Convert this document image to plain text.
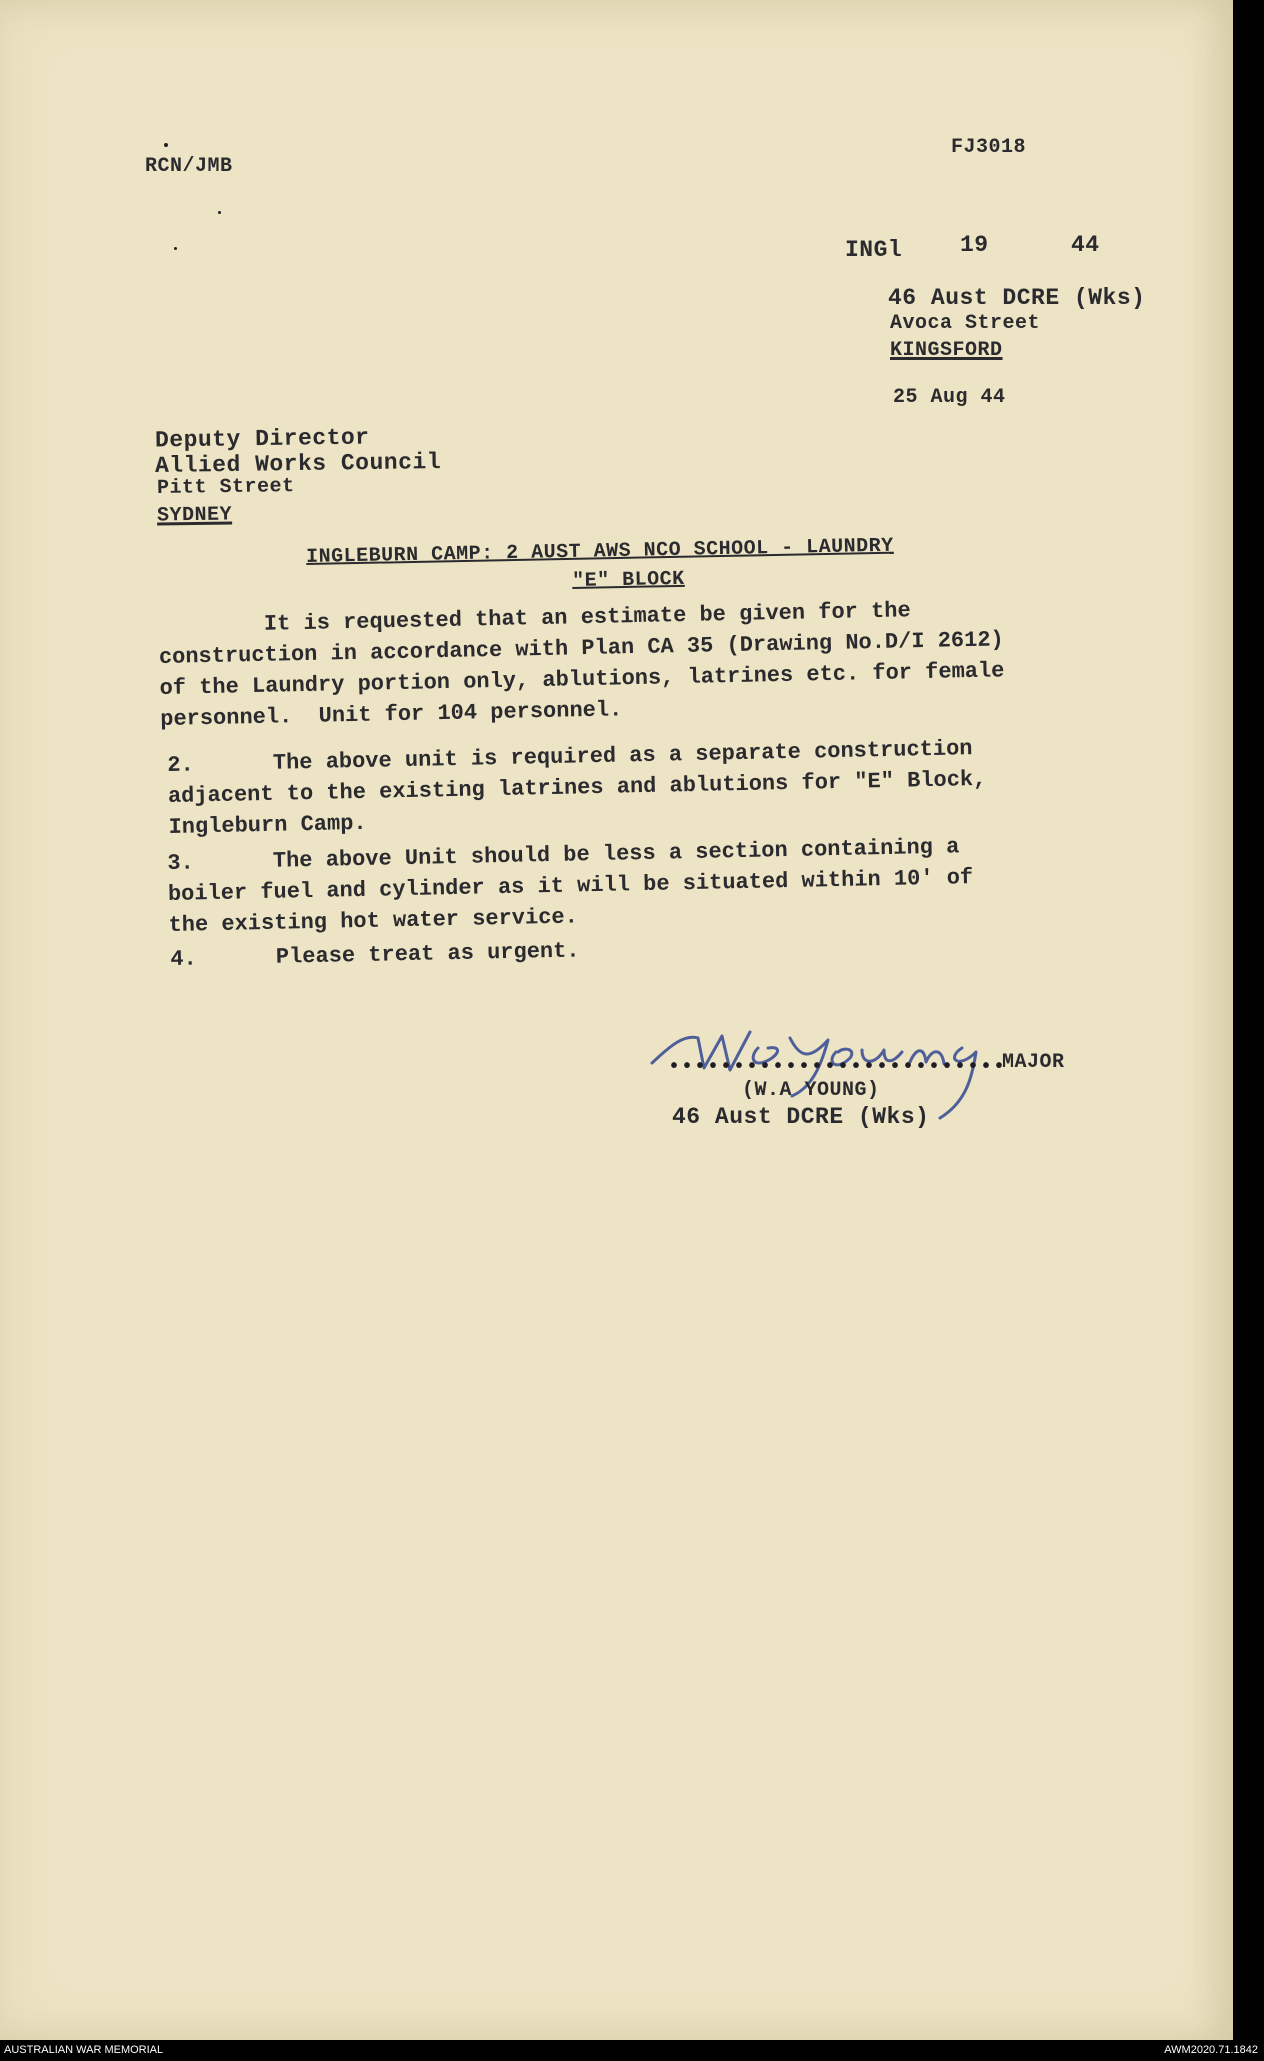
RCN/JMB
FJ3018
INGl	19	44
46 Aust DCRE (Wks)
Avoca Street
KINGSFORD
25 Aug 44
Deputy Director
Allied Works Council
Pitt Street
SYDNEY
INGLEBURN CAMP: 2 AUST AWS NCO SCHOOL - LAUNDRY
"E" BLOCK
It is requested that an estimate be given for the
construction in accordance with Plan CA 35 (Drawing No.D/I 2612)
of the Laundry portion only, ablutions, latrines etc. for female
personnel.  Unit for 104 personnel.
2.      The above unit is required as a separate construction
adjacent to the existing latrines and ablutions for "E" Block,
Ingleburn Camp.
3.      The above Unit should be less a section containing a
boiler fuel and cylinder as it will be situated within 10' of
the existing hot water service.
4.      Please treat as urgent.
••••••••••••••••••••••••••
MAJOR
(W.A YOUNG)
46 Aust DCRE (Wks)
AUSTRALIAN WAR MEMORIAL	AWM2020.71.1842
